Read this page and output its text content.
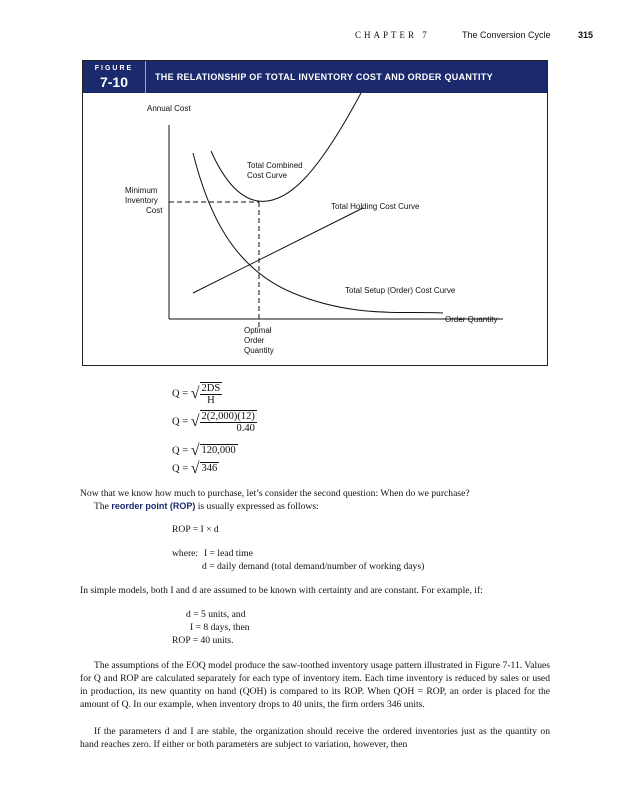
CHAPTER 7	The Conversion Cycle	315
FIGURE
7-10	THE RELATIONSHIP OF TOTAL INVENTORY COST AND ORDER QUANTITY
Annual Cost
Total Combined
Cost Curve
Minimum
Inventory
Cost	Total Holding Cost Curve
Total Setup (Order) Cost Curve
Order Quantity
Optimal
Order
Quantity
Q = √ $\frac{2DS}{H}$
Q = √ $\frac{2(2,000)(12)}{0.40}$
Q = √ 120,000
Q = √ 346
Now that we know how much to purchase, let’s consider the second question: When do we purchase?
The reorder point (ROP) is usually expressed as follows:
ROP = I × d
where: I = lead time
d = daily demand (total demand/number of working days)
In simple models, both I and d are assumed to be known with certainty and are constant. For example, if:
d = 5 units, and
I = 8 days, then
ROP = 40 units.
The assumptions of the EOQ model produce the saw-toothed inventory usage pattern illustrated in Figure 7-11. Values for Q and ROP are calculated separately for each type of inventory item. Each time inventory is reduced by sales or used in production, its new quantity on hand (QOH) is compared to its ROP. When QOH = ROP, an order is placed for the amount of Q. In our example, when inventory drops to 40 units, the firm orders 346 units.
If the parameters d and I are stable, the organization should receive the ordered inventories just as the quantity on hand reaches zero. If either or both parameters are subject to variation, however, then
